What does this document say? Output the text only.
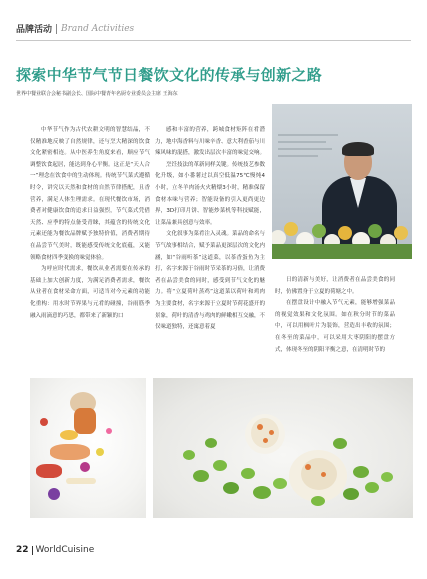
品牌活动 Brand Activities
探索中华节气节日餐饮文化的传承与创新之路
世界中餐业联合会秘书副会长、国际中餐青年名厨专业委员会主席 王海东

中华节气作为古代农耕文明的智慧结晶，不仅精准地反映了自然规律，还与烹大精深的饮食文化紧密相连。从中医养生角度来看，顺应节气调整饮食起居，能达到身心平衡。这正是“天人合一”理念在饮食中的生动体现。传统节气菜式遵循时令，讲究以天然和食材的自然节律搭配，且香营养，满足人体生理需求。在现代餐饮市场，消费者对健康饮食的追求日益强烈，节气菜式凭借天然、应季的特点备受青睐，其蕴含的传统文化元素还能为餐饮品牌赋予独特价值，消费者期待在品尝节气美时，既能感受传统文化底蕴，又能领略食材四季变换的味觉体验。

为呼应时代需求，餐饮从业者需要在传承的基础上加大创新力度，为满足消费者需求，餐饮从业者在食材采命方面，可适当对今元素的功能化重构：用水时节界果与元肴的碰撞，谷雨筋季融入雨滴意的巧思，都带来了新颖的口

感和丰富的营养，跨城食材矩阵在肴潜力，地中海香料与川味辛香、意大利香茄与川辣风味的混搭，激发出层次丰富的味觉交响。

烹饪技法的革新同样关键。传统技艺参数化升级，如小番薯过以真空低温75℃慢炖4小时，立冬羊肉汤火火精煨3小时，精准保留食材本味与营养；智能设备的引入更尚更边界，3D打印月饼、智能炒菜机等科技赋能，让菜品兼具创意与效率。

文化叙事为菜肴注入灵魂。菜品的命名与节气故事相结合，赋予菜品更深层次的文化内涵，如“谷雨听茶”这道菜，以茶香蛋鱼为主打，名字来源于谷雨时节采茶的习俗，让消费者在品尝美食的同时，感受到节气文化的魅力。将“立夏荷叶蒸鸡”这道菜以荷叶和鸡肉为主要食材，名字来源于立夏时节荷花盛开的景象，荷叶的清香与鸡肉的鲜嫩相互交融，不仅味道独特，还寓意着夏

日的清新与美好，让消费者在品尝美食的同时，仿佛置身于立夏的荷塘之中。

在摆盘设计中融入节气元素，能够增强菜品的视觉效果和文化氛围。如在秋分时节的菜品中，可以用枫叶片为装饰，营造出丰收的氛围；在冬至的菜品中，可以采用大枣阴阳的摆盘方式，体现冬至的阴阳平衡之意，在清明时节的

22 WorldCuisine
